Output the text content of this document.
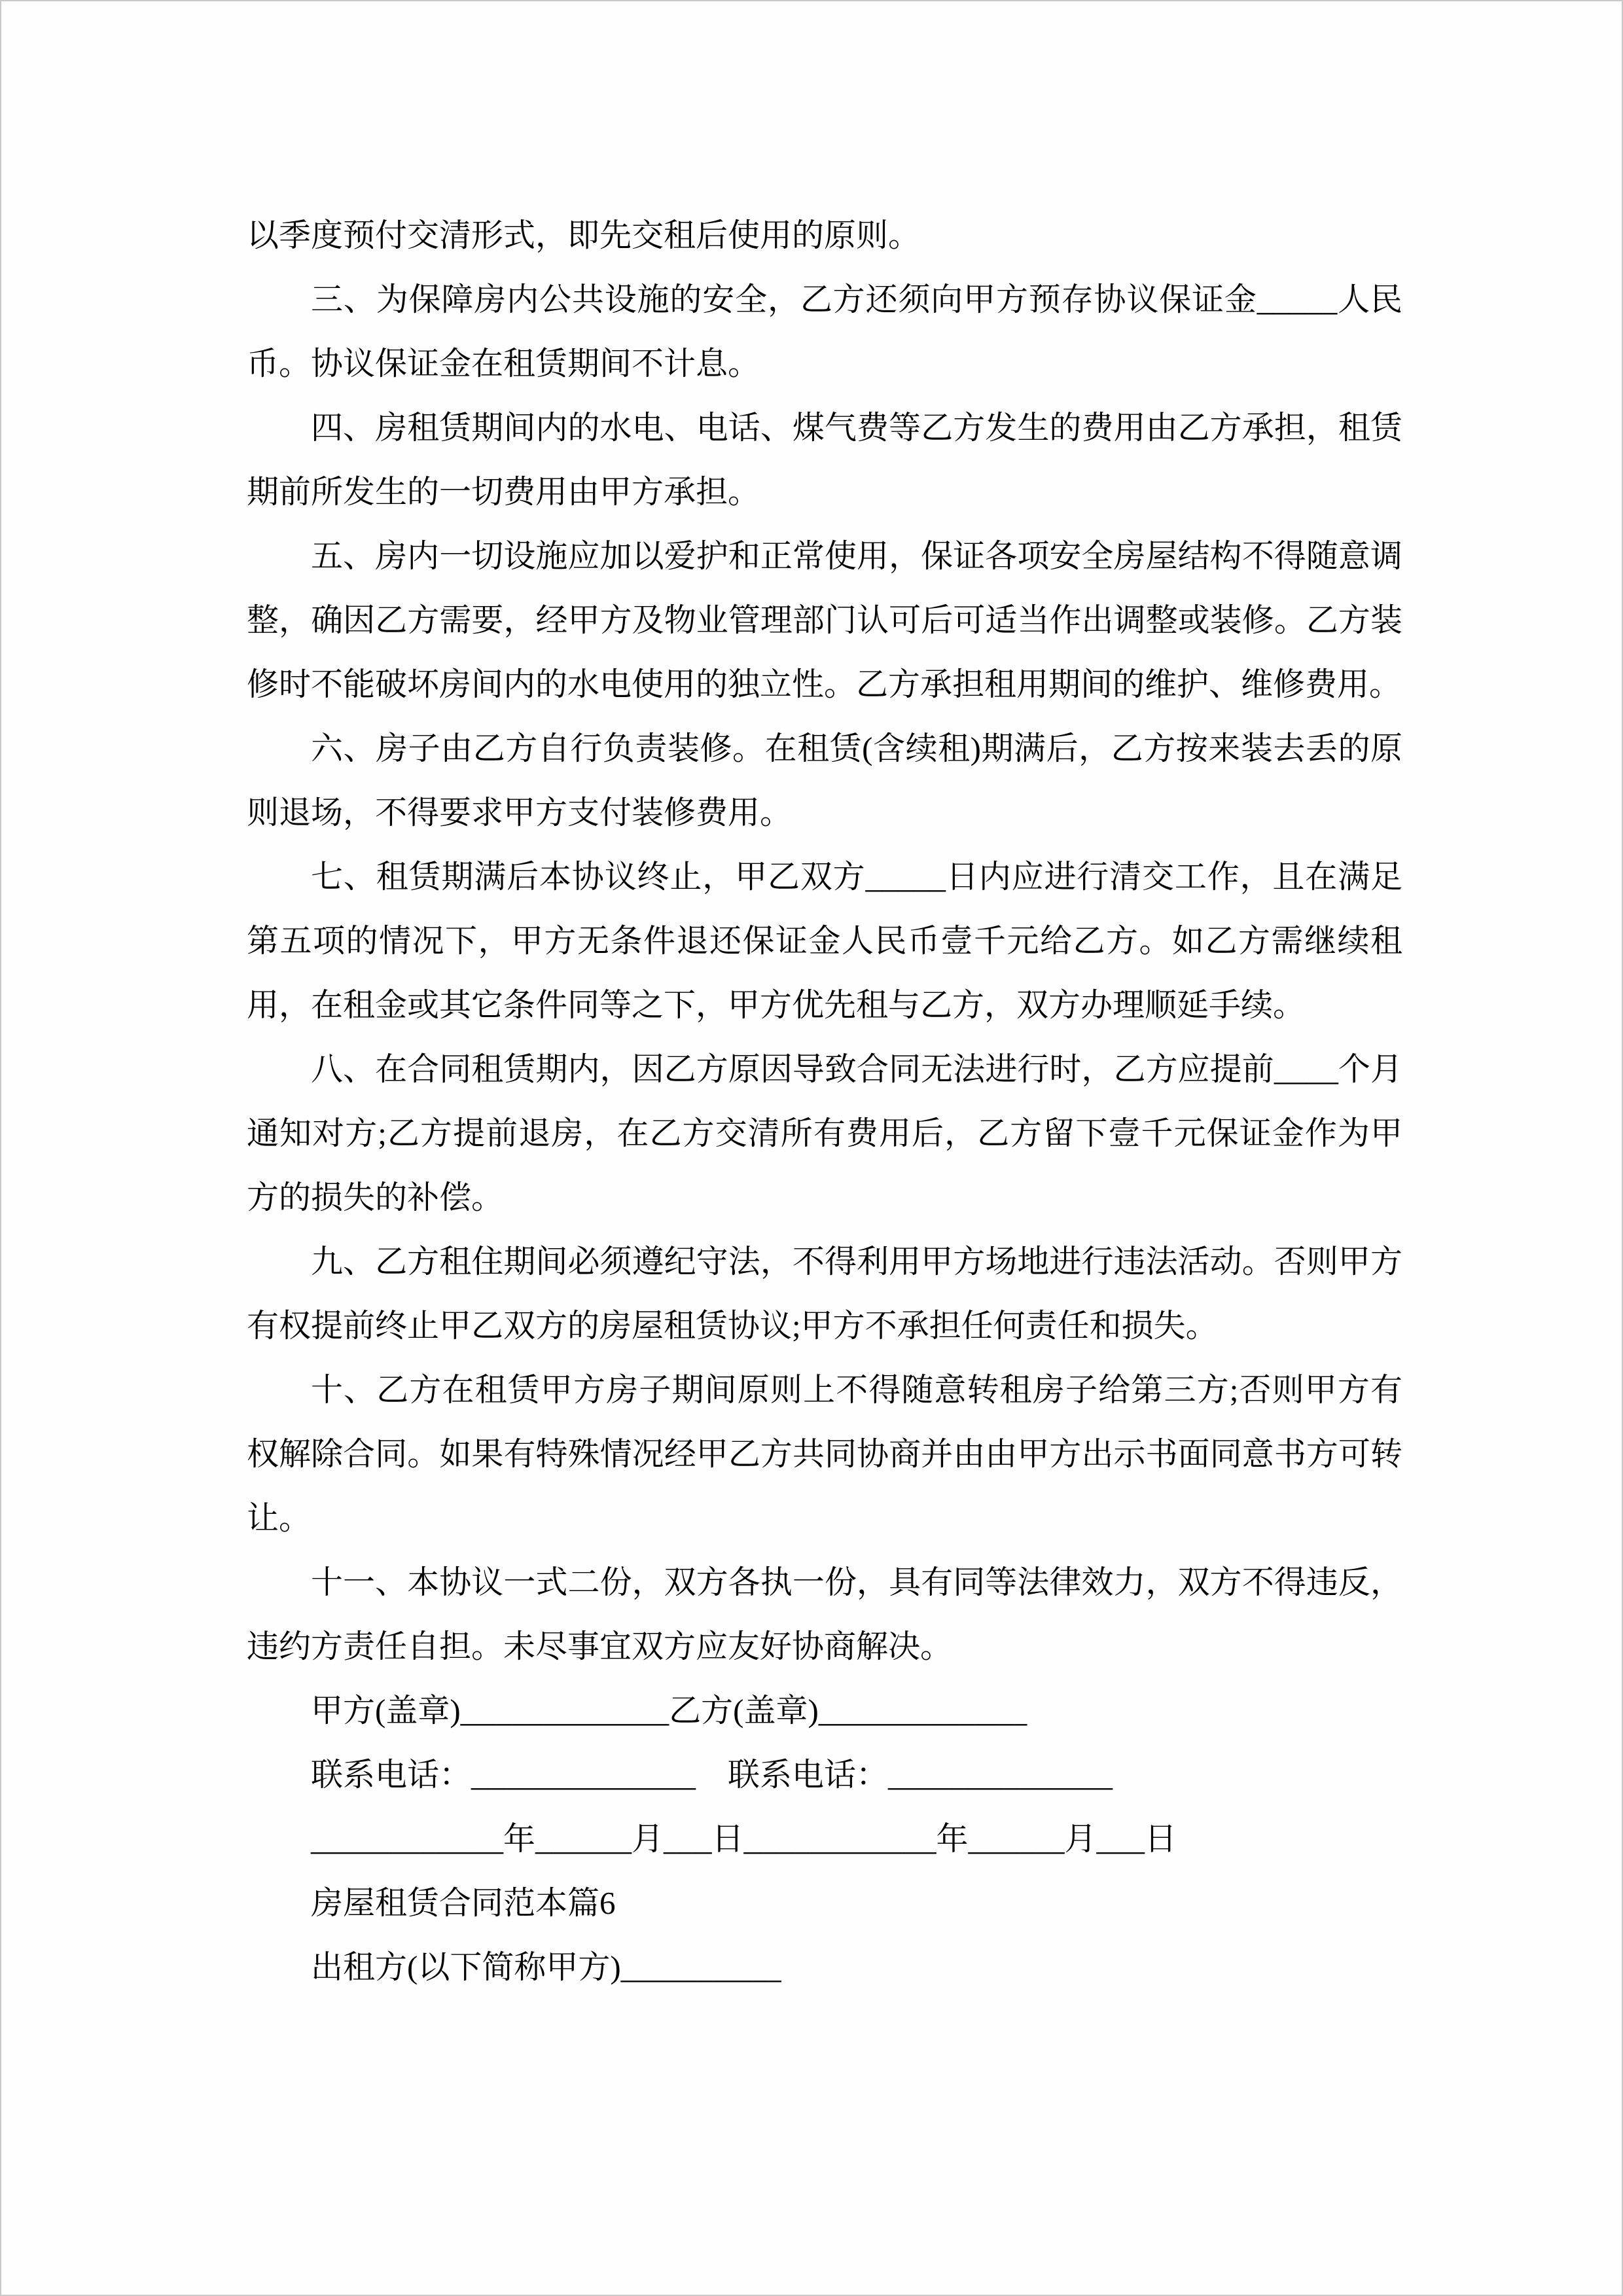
以季度预付交清形式，即先交租后使用的原则。

三、为保障房内公共设施的安全，乙方还须向甲方预存协议保证金_____人民币。协议保证金在租赁期间不计息。

四、房租赁期间内的水电、电话、煤气费等乙方发生的费用由乙方承担，租赁期前所发生的一切费用由甲方承担。

五、房内一切设施应加以爱护和正常使用，保证各项安全房屋结构不得随意调整，确因乙方需要，经甲方及物业管理部门认可后可适当作出调整或装修。乙方装修时不能破坏房间内的水电使用的独立性。乙方承担租用期间的维护、维修费用。

六、房子由乙方自行负责装修。在租赁(含续租)期满后，乙方按来装去丢的原则退场，不得要求甲方支付装修费用。

七、租赁期满后本协议终止，甲乙双方_____日内应进行清交工作，且在满足第五项的情况下，甲方无条件退还保证金人民币壹千元给乙方。如乙方需继续租用，在租金或其它条件同等之下，甲方优先租与乙方，双方办理顺延手续。

八、在合同租赁期内，因乙方原因导致合同无法进行时，乙方应提前____个月通知对方;乙方提前退房，在乙方交清所有费用后，乙方留下壹千元保证金作为甲方的损失的补偿。

九、乙方租住期间必须遵纪守法，不得利用甲方场地进行违法活动。否则甲方有权提前终止甲乙双方的房屋租赁协议;甲方不承担任何责任和损失。

十、乙方在租赁甲方房子期间原则上不得随意转租房子给第三方;否则甲方有权解除合同。如果有特殊情况经甲乙方共同协商并由由甲方出示书面同意书方可转让。

十一、本协议一式二份，双方各执一份，具有同等法律效力，双方不得违反，违约方责任自担。未尽事宜双方应友好协商解决。

甲方(盖章)_____________乙方(盖章)_____________

联系电话：______________　联系电话：______________

____________年______月___日____________年______月___日

房屋租赁合同范本篇6

出租方(以下简称甲方)__________
